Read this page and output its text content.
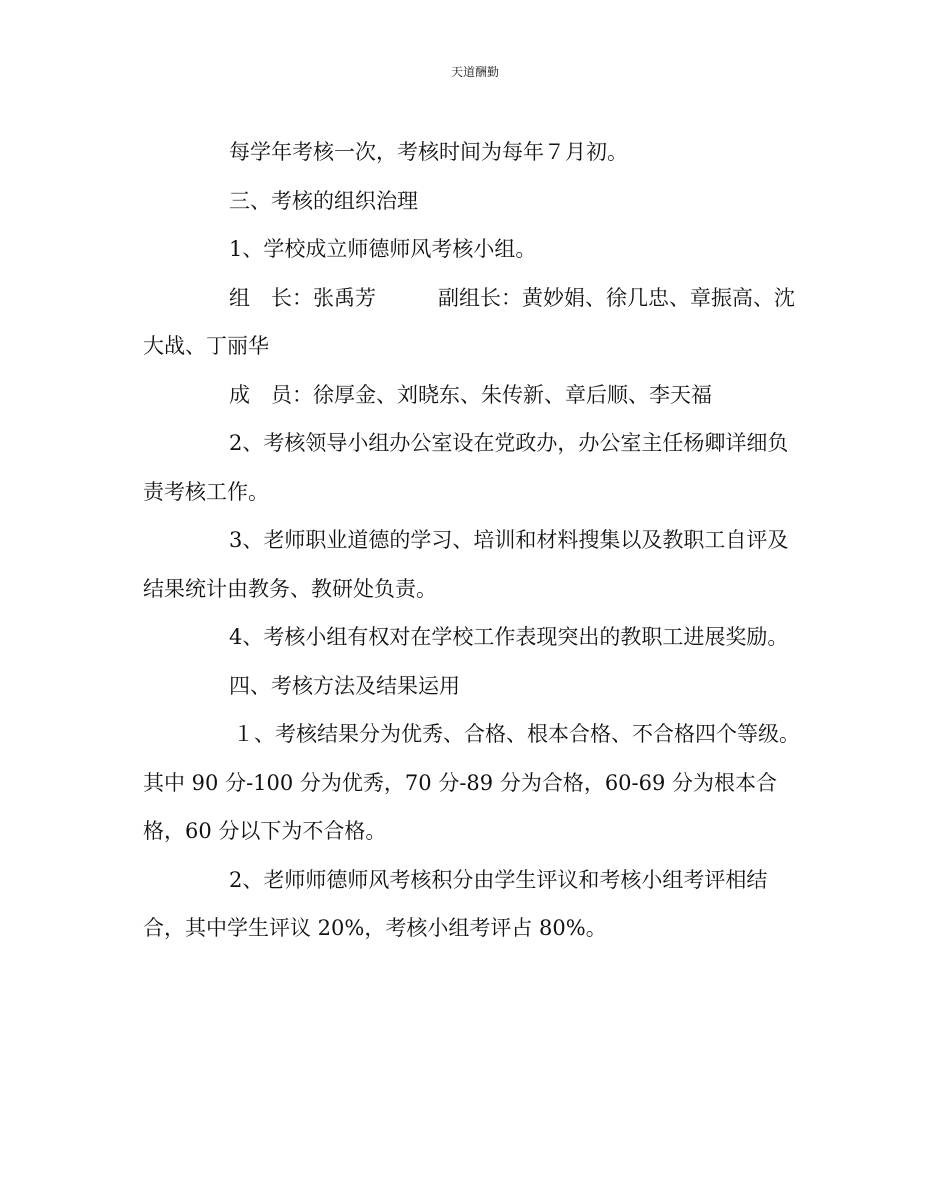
天道酬勤

每学年考核一次，考核时间为每年７月初。

三、考核的组织治理

1、学校成立师德师风考核小组。

组　长：张禹芳	副组长：黄妙娟、徐几忠、章振高、沈大战、丁丽华

成　员：徐厚金、刘晓东、朱传新、章后顺、李天福

2、考核领导小组办公室设在党政办，办公室主任杨卿详细负责考核工作。

3、老师职业道德的学习、培训和材料搜集以及教职工自评及结果统计由教务、教研处负责。

4、考核小组有权对在学校工作表现突出的教职工进展奖励。

四、考核方法及结果运用

１、考核结果分为优秀、合格、根本合格、不合格四个等级。其中 90 分-100 分为优秀，70 分-89 分为合格，60-69 分为根本合格，60 分以下为不合格。

2、老师师德师风考核积分由学生评议和考核小组考评相结合，其中学生评议 20%，考核小组考评占 80%。
